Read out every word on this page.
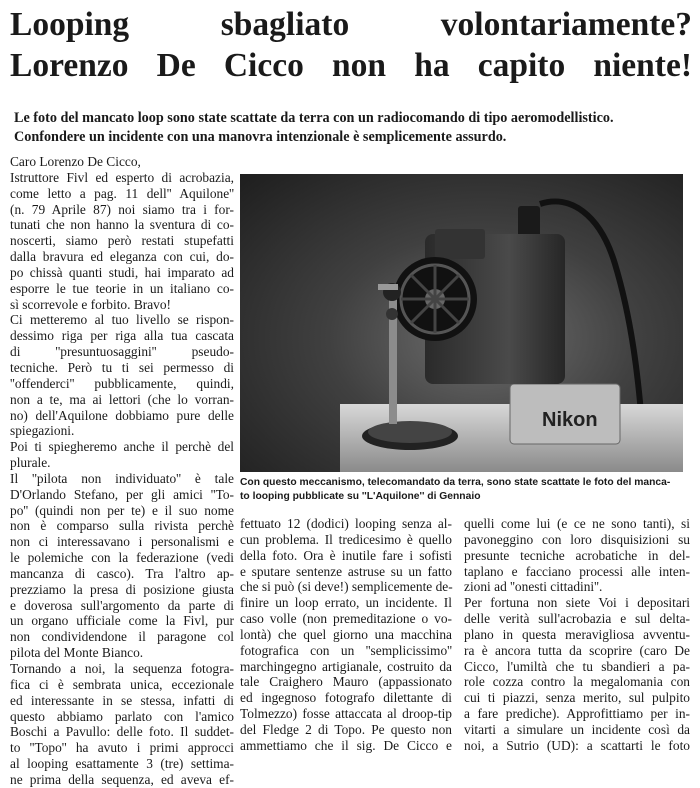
Looping sbagliato volontariamente?
Lorenzo De Cicco non ha capito niente!

Le foto del mancato loop sono state scattate da terra con un radiocomando di tipo aeromodellistico.
Confondere un incidente con una manovra intenzionale è semplicemente assurdo.

Caro Lorenzo De Cicco,
Istruttore Fivl ed esperto di acrobazia,
come letto a pag. 11 dell'' Aquilone''
(n. 79 Aprile 87) noi siamo tra i for-
tunati che non hanno la sventura di co-
noscerti, siamo però restati stupefatti
dalla bravura ed eleganza con cui, do-
po chissà quanti studi, hai imparato ad
esporre le tue teorie in un italiano co-
sì scorrevole e forbito. Bravo!
Ci metteremo al tuo livello se rispon-
dessimo riga per riga alla tua cascata
di ''presuntuosaggini'' pseudo-
tecniche. Però tu ti sei permesso di
''offenderci'' pubblicamente, quindi,
non a te, ma ai lettori (che lo vorran-
no) dell'Aquilone dobbiamo pure delle
spiegazioni.
Poi ti spiegheremo anche il perchè del
plurale.
Il ''pilota non individuato'' è tale
D'Orlando Stefano, per gli amici ''To-
po'' (quindi non per te) e il suo nome
non è comparso sulla rivista perchè
non ci interessavano i personalismi e
le polemiche con la federazione (vedi
mancanza di casco). Tra l'altro ap-
prezziamo la presa di posizione giusta
e doverosa sull'argomento da parte di
un organo ufficiale come la Fivl, pur
non condividendone il paragone col
pilota del Monte Bianco.
Tornando a noi, la sequenza fotogra-
fica ci è sembrata unica, eccezionale
ed interessante in se stessa, infatti di
questo abbiamo parlato con l'amico
Boschi a Pavullo: delle foto. Il suddet-
to ''Topo'' ha avuto i primi approcci
al looping esattamente 3 (tre) settima-
ne prima della sequenza, ed aveva ef-
Nikon
Con questo meccanismo, telecomandato da terra, sono state scattate le foto del manca-
to looping pubblicate su ''L'Aquilone'' di Gennaio
fettuato 12 (dodici) looping senza al-
cun problema. Il tredicesimo è quello
della foto. Ora è inutile fare i sofisti
e sputare sentenze astruse su un fatto
che si può (si deve!) semplicemente de-
finire un loop errato, un incidente. Il
caso volle (non premeditazione o vo-
lontà) che quel giorno una macchina
fotografica con un ''semplicissimo''
marchingegno artigianale, costruito da
tale Craighero Mauro (appassionato
ed ingegnoso fotografo dilettante di
Tolmezzo) fosse attaccata al droop-tip
del Fledge 2 di Topo. Pe questo non
ammettiamo che il sig. De Cicco e
quelli come lui (e ce ne sono tanti), si
pavoneggino con loro disquisizioni su
presunte tecniche acrobatiche in del-
taplano e facciano processi alle inten-
zioni ad ''onesti cittadini''.
Per fortuna non siete Voi i depositari
delle verità sull'acrobazia e sul delta-
plano in questa meravigliosa avventu-
ra è ancora tutta da scoprire (caro De
Cicco, l'umiltà che tu sbandieri a pa-
role cozza contro la megalomania con
cui ti piazzi, senza merito, sul pulpito
a fare prediche). Approfittiamo per in-
vitarti a simulare un incidente così da
noi, a Sutrio (UD): a scattarti le foto
